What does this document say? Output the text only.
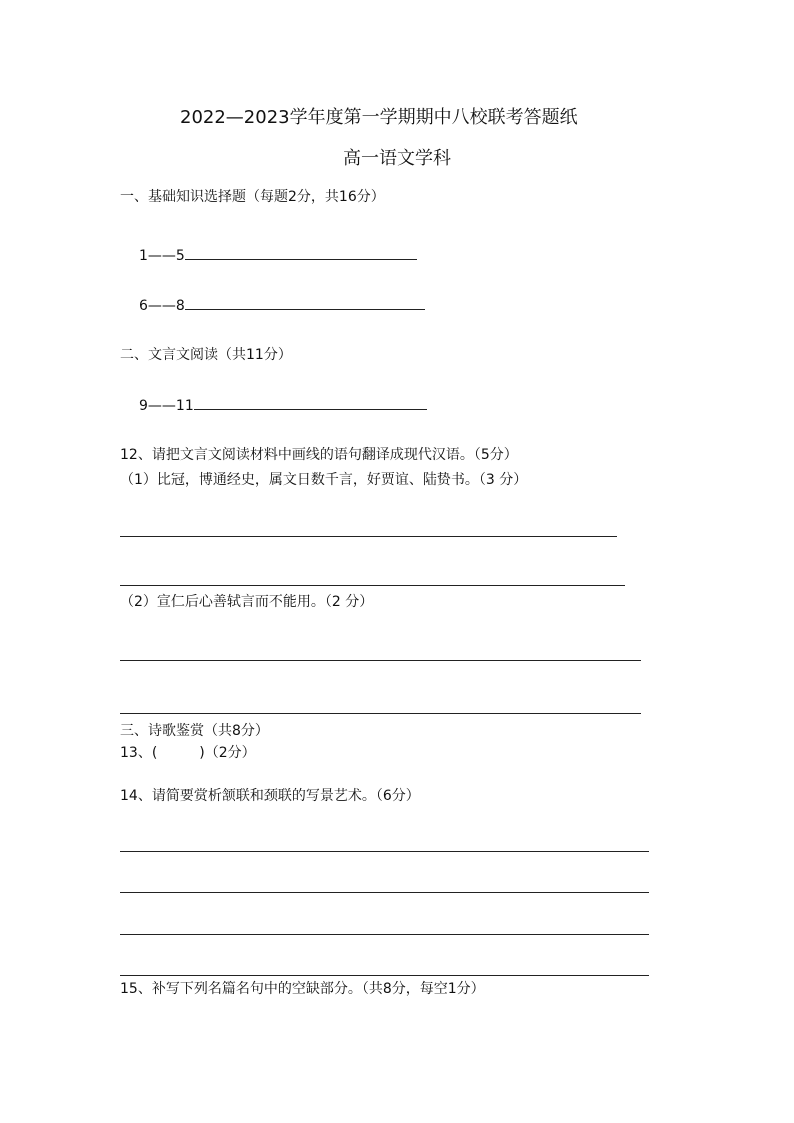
2022—2023学年度第一学期期中八校联考答题纸
高一语文学科
一、基础知识选择题（每题2分，共16分）
1——5
6——8
二、文言文阅读（共11分）
9——11
12、请把文言文阅读材料中画线的语句翻译成现代汉语。（5分）
（1）比冠，博通经史，属文日数千言，好贾谊、陆贽书。（3 分）
（2）宣仁后心善轼言而不能用。（2 分）
三、诗歌鉴赏（共8分）
13、(　　　)（2分）
14、请简要赏析颔联和颈联的写景艺术。（6分）
15、补写下列名篇名句中的空缺部分。（共8分，每空1分）
